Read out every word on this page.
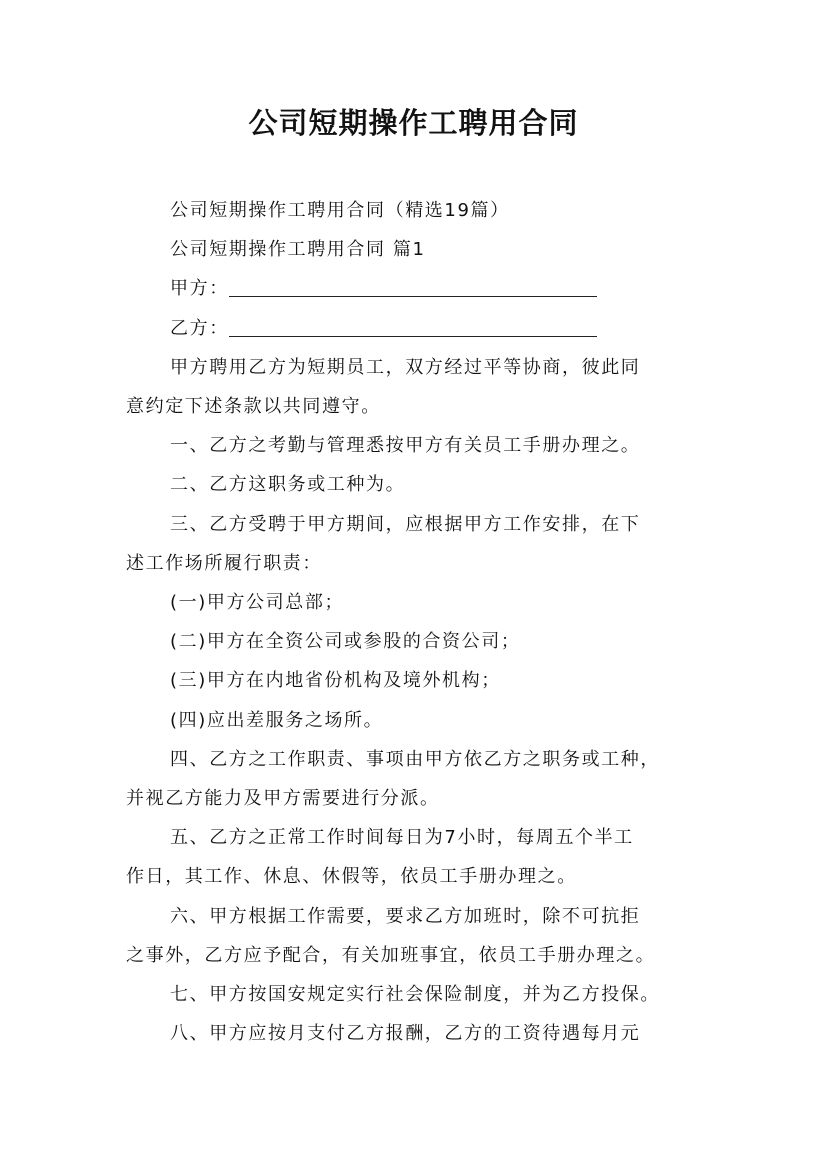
公司短期操作工聘用合同

公司短期操作工聘用合同（精选19篇）

公司短期操作工聘用合同 篇1

甲方：

乙方：

甲方聘用乙方为短期员工，双方经过平等协商，彼此同

意约定下述条款以共同遵守。

一、乙方之考勤与管理悉按甲方有关员工手册办理之。

二、乙方这职务或工种为。

三、乙方受聘于甲方期间，应根据甲方工作安排，在下

述工作场所履行职责：

(一)甲方公司总部；

(二)甲方在全资公司或参股的合资公司；

(三)甲方在内地省份机构及境外机构；

(四)应出差服务之场所。

四、乙方之工作职责、事项由甲方依乙方之职务或工种，

并视乙方能力及甲方需要进行分派。

五、乙方之正常工作时间每日为7小时，每周五个半工

作日，其工作、休息、休假等，依员工手册办理之。

六、甲方根据工作需要，要求乙方加班时，除不可抗拒

之事外，乙方应予配合，有关加班事宜，依员工手册办理之。

七、甲方按国安规定实行社会保险制度，并为乙方投保。

八、甲方应按月支付乙方报酬，乙方的工资待遇每月元
